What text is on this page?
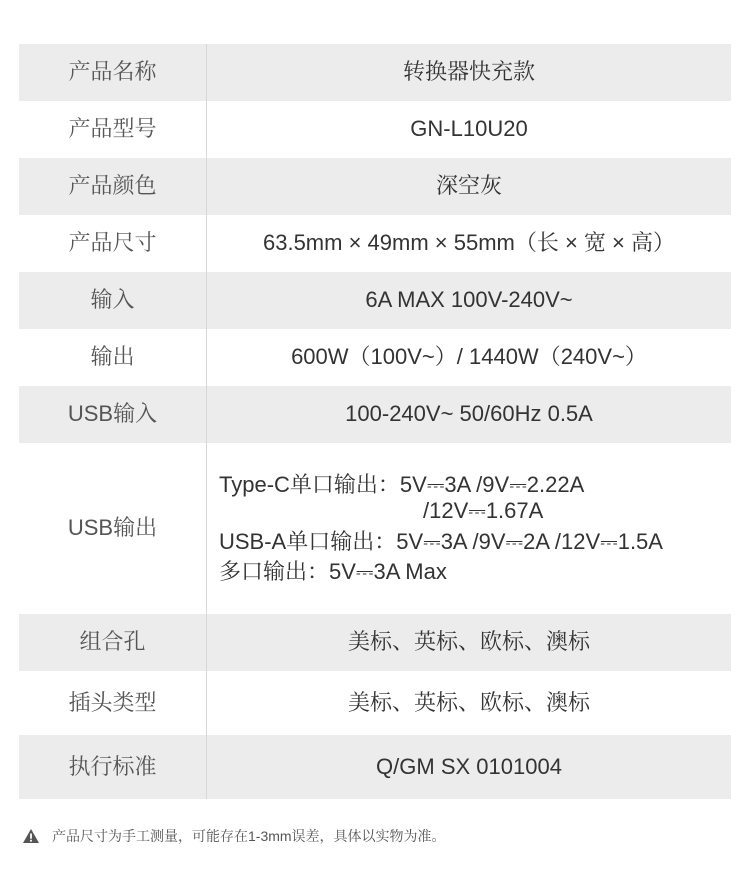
产品名称	转换器快充款
产品型号	GN-L10U20
产品颜色	深空灰
产品尺寸	63.5mm × 49mm × 55mm（长 × 宽 × 高）
输入	6A MAX 100V-240V~
输出	600W（100V~）/ 1440W（240V~）
USB输入	100-240V~ 50/60Hz 0.5A
USB输出	Type-C单口输出：5V⎓3A /9V⎓2.22A
/12V⎓1.67A
USB-A单口输出：5V⎓3A /9V⎓2A /12V⎓1.5A
多口输出：5V⎓3A Max

组合孔	美标、英标、欧标、澳标
插头类型	美标、英标、欧标、澳标
执行标准	Q/GM SX 0101004
产品尺寸为手工测量，可能存在1-3mm误差，具体以实物为准。
